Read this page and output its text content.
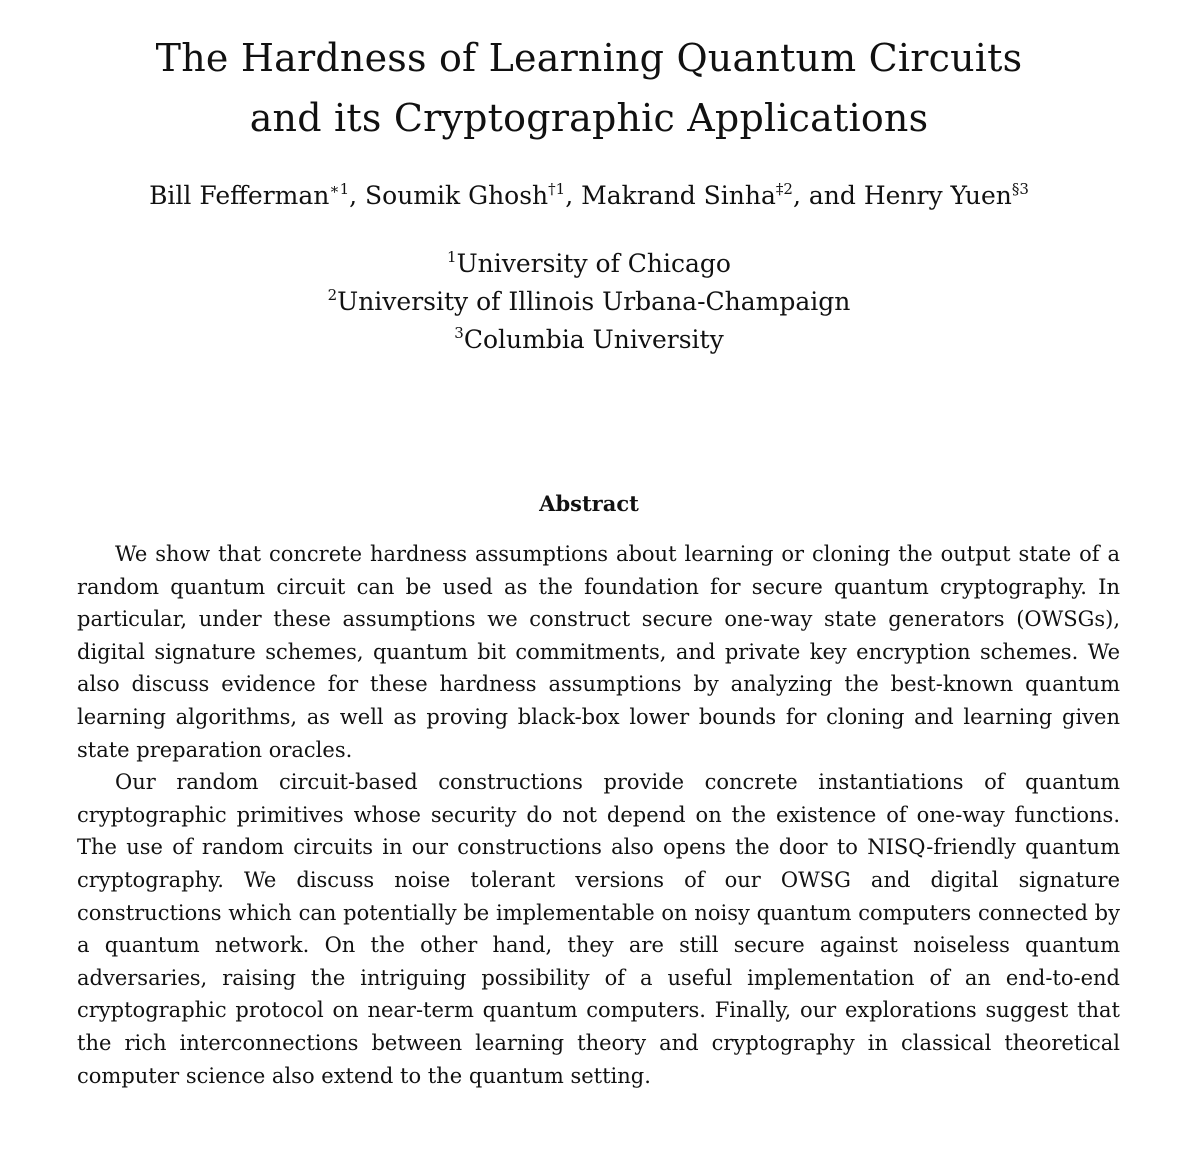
The Hardness of Learning Quantum Circuits
and its Cryptographic Applications
Bill Fefferman$^{∗1}$, Soumik Ghosh$^{\dagger 1}$, Makrand Sinha$^{\ddagger 2}$, and Henry Yuen$^{\S 3}$
$^1$University of Chicago
$^2$University of Illinois Urbana-Champaign
$^3$Columbia University
Abstract

We show that concrete hardness assumptions about learning or cloning the output state of a random quantum circuit can be used as the foundation for secure quantum cryptography. In particular, under these assumptions we construct secure one-way state generators (OWSGs), digital signature schemes, quantum bit commitments, and private key encryption schemes. We also discuss evidence for these hardness assumptions by analyzing the best-known quantum learning algorithms, as well as proving black-box lower bounds for cloning and learning given state preparation oracles.

Our random circuit-based constructions provide concrete instantiations of quantum cryptographic primitives whose security do not depend on the existence of one-way functions. The use of random circuits in our constructions also opens the door to NISQ-friendly quantum cryptography. We discuss noise tolerant versions of our OWSG and digital signature constructions which can potentially be implementable on noisy quantum computers connected by a quantum network. On the other hand, they are still secure against noiseless quantum adversaries, raising the intriguing possibility of a useful implementation of an end-to-end cryptographic protocol on near-term quantum computers. Finally, our explorations suggest that the rich interconnections between learning theory and cryptography in classical theoretical computer science also extend to the quantum setting.
